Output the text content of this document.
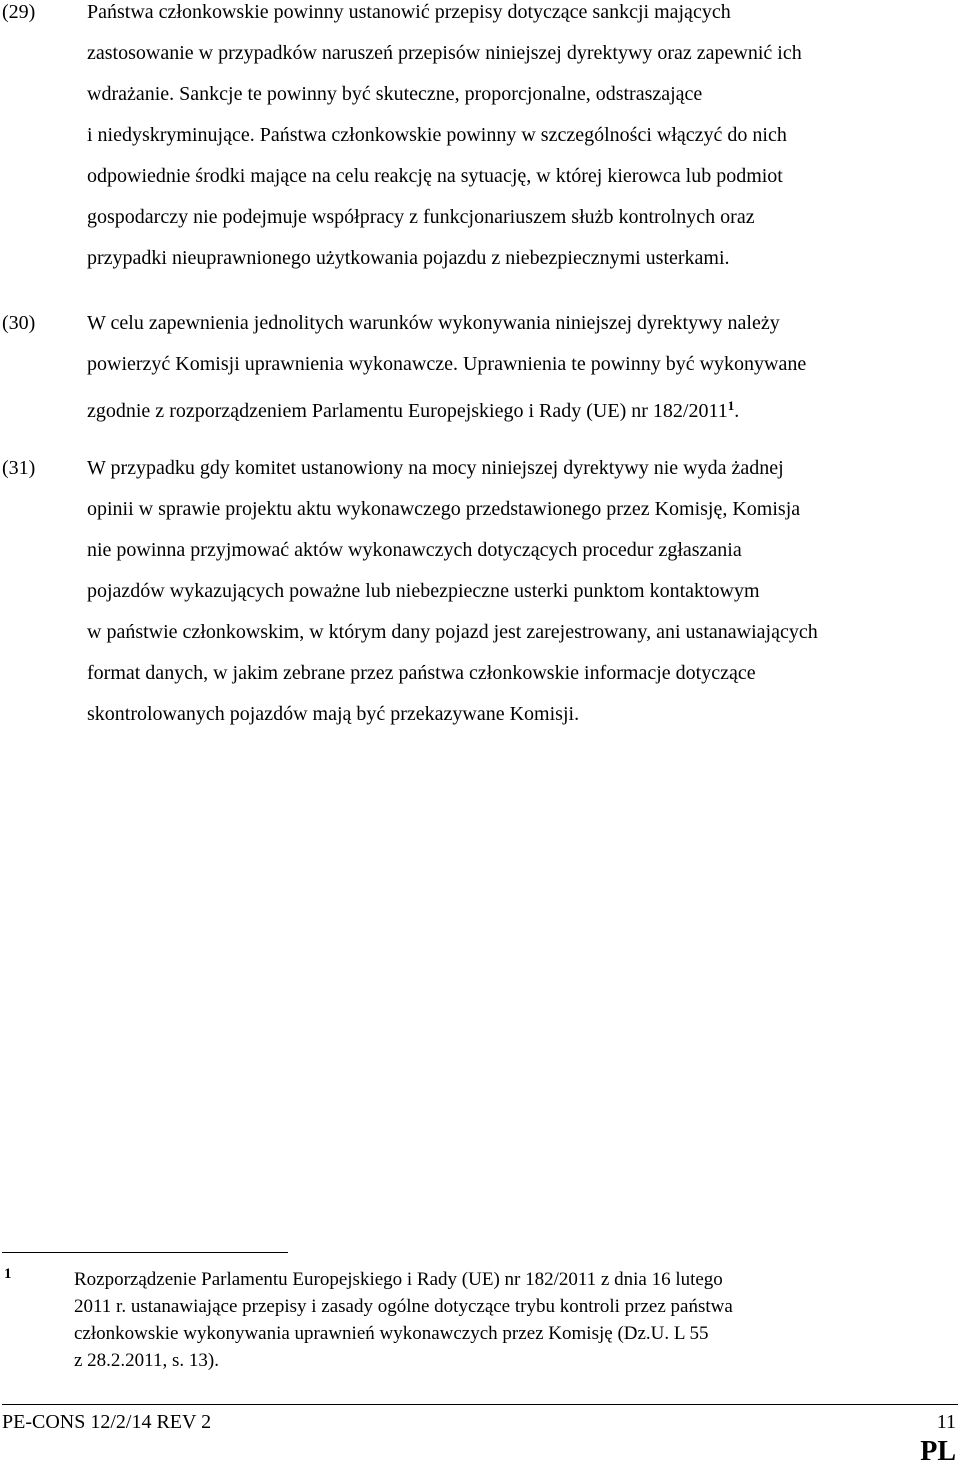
(29)	Państwa członkowskie powinny ustanowić przepisy dotyczące sankcji mających
zastosowanie w przypadków naruszeń przepisów niniejszej dyrektywy oraz zapewnić ich
wdrażanie. Sankcje te powinny być skuteczne, proporcjonalne, odstraszające
i niedyskryminujące. Państwa członkowskie powinny w szczególności włączyć do nich
odpowiednie środki mające na celu reakcję na sytuację, w której kierowca lub podmiot
gospodarczy nie podejmuje współpracy z funkcjonariuszem służb kontrolnych oraz
przypadki nieuprawnionego użytkowania pojazdu z niebezpiecznymi usterkami.
(30)	W celu zapewnienia jednolitych warunków wykonywania niniejszej dyrektywy należy
powierzyć Komisji uprawnienia wykonawcze. Uprawnienia te powinny być wykonywane
zgodnie z rozporządzeniem Parlamentu Europejskiego i Rady (UE) nr 182/2011$^1$.
(31)	W przypadku gdy komitet ustanowiony na mocy niniejszej dyrektywy nie wyda żadnej
opinii w sprawie projektu aktu wykonawczego przedstawionego przez Komisję, Komisja
nie powinna przyjmować aktów wykonawczych dotyczących procedur zgłaszania
pojazdów wykazujących poważne lub niebezpieczne usterki punktom kontaktowym
w państwie członkowskim, w którym dany pojazd jest zarejestrowany, ani ustanawiających
format danych, w jakim zebrane przez państwa członkowskie informacje dotyczące
skontrolowanych pojazdów mają być przekazywane Komisji.
1	Rozporządzenie Parlamentu Europejskiego i Rady (UE) nr 182/2011 z dnia 16 lutego
2011 r. ustanawiające przepisy i zasady ogólne dotyczące trybu kontroli przez państwa
członkowskie wykonywania uprawnień wykonawczych przez Komisję (Dz.U. L 55
z 28.2.2011, s. 13).
PE-CONS 12/2/14 REV 2	11
PL
